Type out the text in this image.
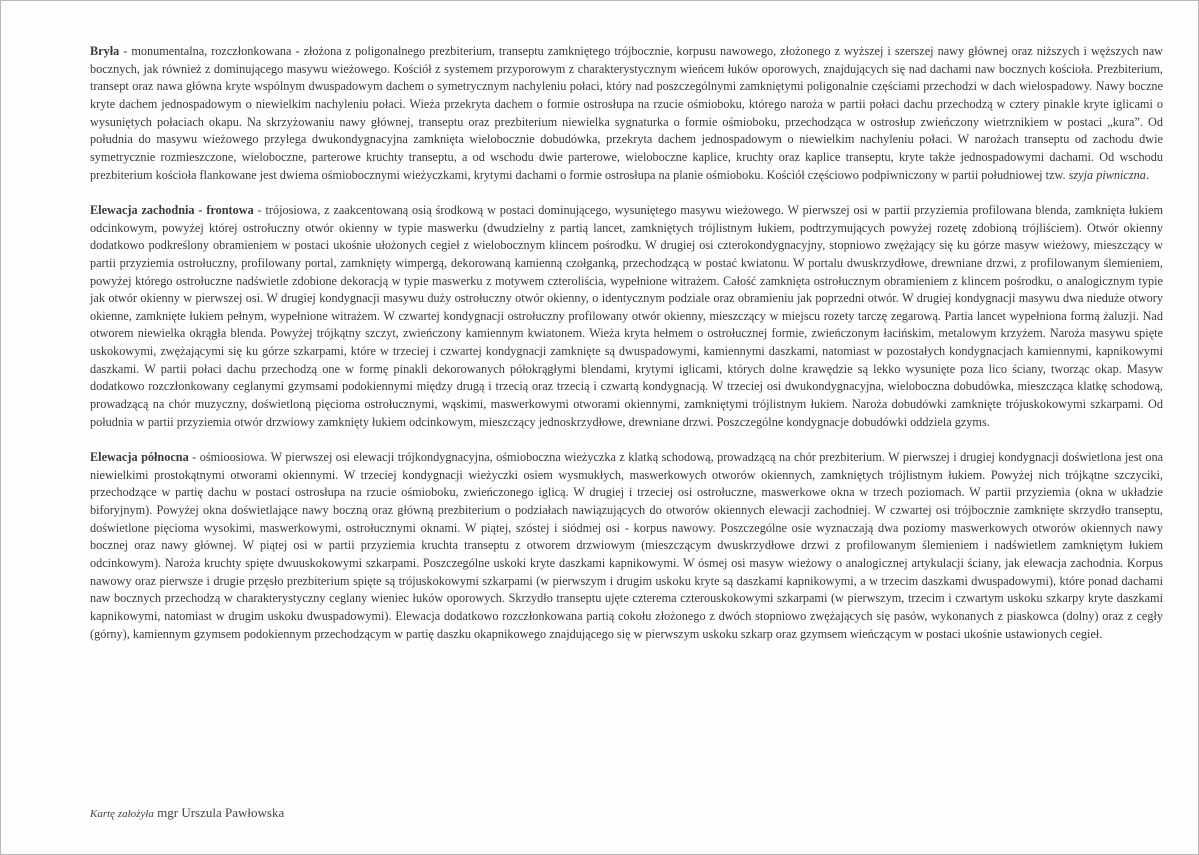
Bryła - monumentalna, rozczłonkowana - złożona z poligonalnego prezbiterium, transeptu zamkniętego trójbocznie, korpusu nawowego, złożonego z wyższej i szerszej nawy głównej oraz niższych i węższych naw bocznych, jak również z dominującego masywu wieżowego. Kościół z systemem przyporowym z charakterystycznym wieńcem łuków oporowych, znajdujących się nad dachami naw bocznych kościoła. Prezbiterium, transept oraz nawa główna kryte wspólnym dwuspadowym dachem o symetrycznym nachyleniu połaci, który nad poszczególnymi zamkniętymi poligonalnie częściami przechodzi w dach wielospadowy. Nawy boczne kryte dachem jednospadowym o niewielkim nachyleniu połaci. Wieża przekryta dachem o formie ostrosłupa na rzucie ośmioboku, którego naroża w partii połaci dachu przechodzą w cztery pinakle kryte iglicami o wysuniętych połaciach okapu. Na skrzyżowaniu nawy głównej, transeptu oraz prezbiterium niewielka sygnaturka o formie ośmioboku, przechodząca w ostrosłup zwieńczony wietrznikiem w postaci „kura”. Od południa do masywu wieżowego przylega dwukondygnacyjna zamknięta wielobocznie dobudówka, przekryta dachem jednospadowym o niewielkim nachyleniu połaci. W narożach transeptu od zachodu dwie symetrycznie rozmieszczone, wieloboczne, parterowe kruchty transeptu, a od wschodu dwie parterowe, wieloboczne kaplice, kruchty oraz kaplice transeptu, kryte także jednospadowymi dachami. Od wschodu prezbiterium kościoła flankowane jest dwiema ośmiobocznymi wieżyczkami, krytymi dachami o formie ostrosłupa na planie ośmioboku. Kościół częściowo podpiwniczony w partii południowej tzw. szyja piwniczna.

Elewacja zachodnia - frontowa - trójosiowa, z zaakcentowaną osią środkową w postaci dominującego, wysuniętego masywu wieżowego. W pierwszej osi w partii przyziemia profilowana blenda, zamknięta łukiem odcinkowym, powyżej której ostrołuczny otwór okienny w typie maswerku (dwudzielny z partią lancet, zamkniętych trójlistnym łukiem, podtrzymujących powyżej rozetę zdobioną trójliściem). Otwór okienny dodatkowo podkreślony obramieniem w postaci ukośnie ułożonych cegieł z wielobocznym klincem pośrodku. W drugiej osi czterokondygnacyjny, stopniowo zwężający się ku górze masyw wieżowy, mieszczący w partii przyziemia ostrołuczny, profilowany portal, zamknięty wimpergą, dekorowaną kamienną czołganką, przechodzącą w postać kwiatonu. W portalu dwuskrzydłowe, drewniane drzwi, z profilowanym ślemieniem, powyżej którego ostrołuczne nadświetle zdobione dekoracją w typie maswerku z motywem czteroliścia, wypełnione witrażem. Całość zamknięta ostrołucznym obramieniem z klincem pośrodku, o analogicznym typie jak otwór okienny w pierwszej osi. W drugiej kondygnacji masywu duży ostrołuczny otwór okienny, o identycznym podziale oraz obramieniu jak poprzedni otwór. W drugiej kondygnacji masywu dwa nieduże otwory okienne, zamknięte łukiem pełnym, wypełnione witrażem. W czwartej kondygnacji ostrołuczny profilowany otwór okienny, mieszczący w miejscu rozety tarczę zegarową. Partia lancet wypełniona formą żaluzji. Nad otworem niewielka okrągła blenda. Powyżej trójkątny szczyt, zwieńczony kamiennym kwiatonem. Wieża kryta hełmem o ostrołucznej formie, zwieńczonym łacińskim, metalowym krzyżem. Naroża masywu spięte uskokowymi, zwężającymi się ku górze szkarpami, które w trzeciej i czwartej kondygnacji zamknięte są dwuspadowymi, kamiennymi daszkami, natomiast w pozostałych kondygnacjach kamiennymi, kapnikowymi daszkami. W partii połaci dachu przechodzą one w formę pinakli dekorowanych półokrągłymi blendami, krytymi iglicami, których dolne krawędzie są lekko wysunięte poza lico ściany, tworząc okap. Masyw dodatkowo rozczłonkowany ceglanymi gzymsami podokiennymi między drugą i trzecią oraz trzecią i czwartą kondygnacją. W trzeciej osi dwukondygnacyjna, wieloboczna dobudówka, mieszcząca klatkę schodową, prowadzącą na chór muzyczny, doświetloną pięcioma ostrołucznymi, wąskimi, maswerkowymi otworami okiennymi, zamkniętymi trójlistnym łukiem. Naroża dobudówki zamknięte trójuskokowymi szkarpami. Od południa w partii przyziemia otwór drzwiowy zamknięty łukiem odcinkowym, mieszczący jednoskrzydłowe, drewniane drzwi. Poszczególne kondygnacje dobudówki oddziela gzyms.

Elewacja północna - ośmioosiowa. W pierwszej osi elewacji trójkondygnacyjna, ośmioboczna wieżyczka z klatką schodową, prowadzącą na chór prezbiterium. W pierwszej i drugiej kondygnacji doświetlona jest ona niewielkimi prostokątnymi otworami okiennymi. W trzeciej kondygnacji wieżyczki osiem wysmukłych, maswerkowych otworów okiennych, zamkniętych trójlistnym łukiem. Powyżej nich trójkątne szczyciki, przechodzące w partię dachu w postaci ostrosłupa na rzucie ośmioboku, zwieńczonego iglicą. W drugiej i trzeciej osi ostrołuczne, maswerkowe okna w trzech poziomach. W partii przyziemia (okna w układzie biforyjnym). Powyżej okna doświetlające nawy boczną oraz główną prezbiterium o podziałach nawiązujących do otworów okiennych elewacji zachodniej. W czwartej osi trójbocznie zamknięte skrzydło transeptu, doświetlone pięcioma wysokimi, maswerkowymi, ostrołucznymi oknami. W piątej, szóstej i siódmej osi - korpus nawowy. Poszczególne osie wyznaczają dwa poziomy maswerkowych otworów okiennych nawy bocznej oraz nawy głównej. W piątej osi w partii przyziemia kruchta transeptu z otworem drzwiowym (mieszczącym dwuskrzydłowe drzwi z profilowanym ślemieniem i nadświetlem zamkniętym łukiem odcinkowym). Naroża kruchty spięte dwuuskokowymi szkarpami. Poszczególne uskoki kryte daszkami kapnikowymi. W ósmej osi masyw wieżowy o analogicznej artykulacji ściany, jak elewacja zachodnia. Korpus nawowy oraz pierwsze i drugie przęsło prezbiterium spięte są trójuskokowymi szkarpami (w pierwszym i drugim uskoku kryte są daszkami kapnikowymi, a w trzecim daszkami dwuspadowymi), które ponad dachami naw bocznych przechodzą w charakterystyczny ceglany wieniec łuków oporowych. Skrzydło transeptu ujęte czterema czterouskokowymi szkarpami (w pierwszym, trzecim i czwartym uskoku szkarpy kryte daszkami kapnikowymi, natomiast w drugim uskoku dwuspadowymi). Elewacja dodatkowo rozczłonkowana partią cokołu złożonego z dwóch stopniowo zwężających się pasów, wykonanych z piaskowca (dolny) oraz z cegły (górny), kamiennym gzymsem podokiennym przechodzącym w partię daszku okapnikowego znajdującego się w pierwszym uskoku szkarp oraz gzymsem wieńczącym w postaci ukośnie ustawionych cegieł.

Kartę założyła mgr Urszula Pawłowska
